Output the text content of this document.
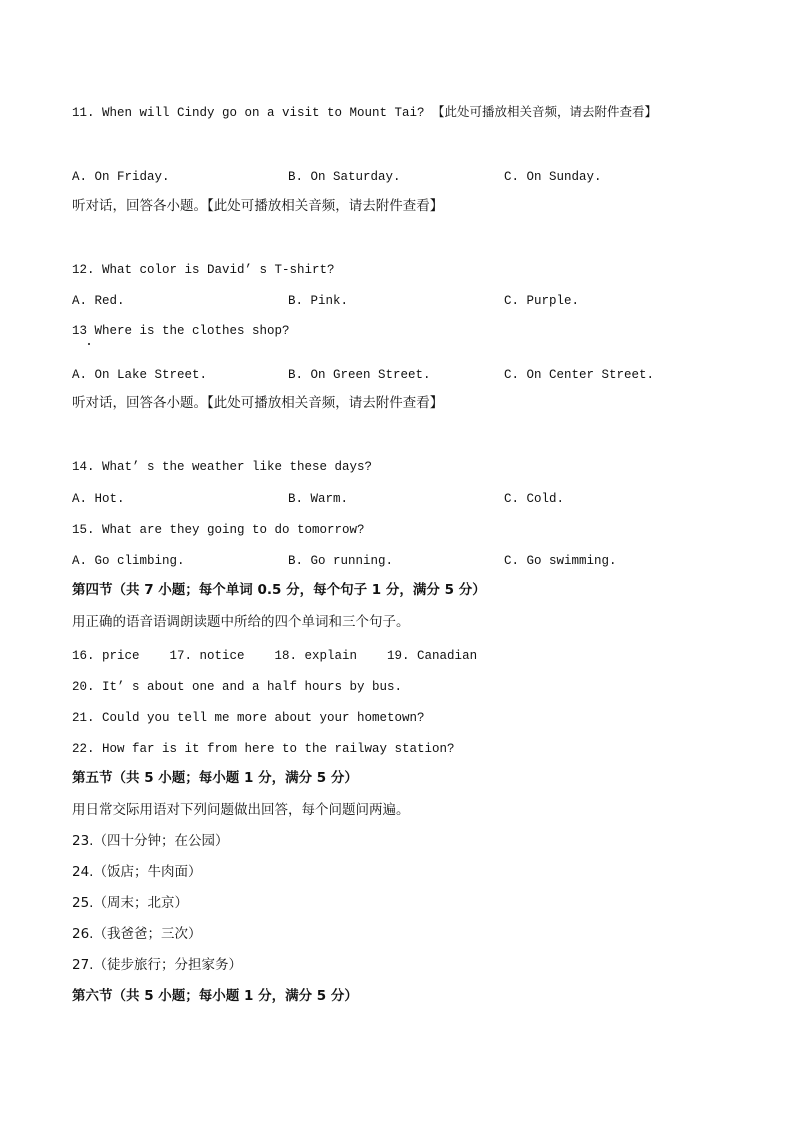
11. When will Cindy go on a visit to Mount Tai? 【此处可播放相关音频，请去附件查看】
A. On Friday.	B. On Saturday.	C. On Sunday.
听对话，回答各小题。【此处可播放相关音频，请去附件查看】
12. What color is David’ s T-shirt?
A. Red.	B. Pink.	C. Purple.
13 Where is the clothes shop?
A. On Lake Street.	B. On Green Street.	C. On Center Street.
听对话，回答各小题。【此处可播放相关音频，请去附件查看】
14. What’ s the weather like these days?
A. Hot.	B. Warm.	C. Cold.
15. What are they going to do tomorrow?
A. Go climbing.	B. Go running.	C. Go swimming.
第四节（共 7 小题；每个单词 0.5 分，每个句子 1 分，满分 5 分）
用正确的语音语调朗读题中所给的四个单词和三个句子。
16. price    17. notice    18. explain    19. Canadian
20. It’ s about one and a half hours by bus.
21. Could you tell me more about your hometown?
22. How far is it from here to the railway station?
第五节（共 5 小题；每小题 1 分，满分 5 分）
用日常交际用语对下列问题做出回答，每个问题问两遍。
23.（四十分钟；在公园）
24.（饭店；牛肉面）
25.（周末；北京）
26.（我爸爸；三次）
27.（徒步旅行；分担家务）
第六节（共 5 小题；每小题 1 分，满分 5 分）
